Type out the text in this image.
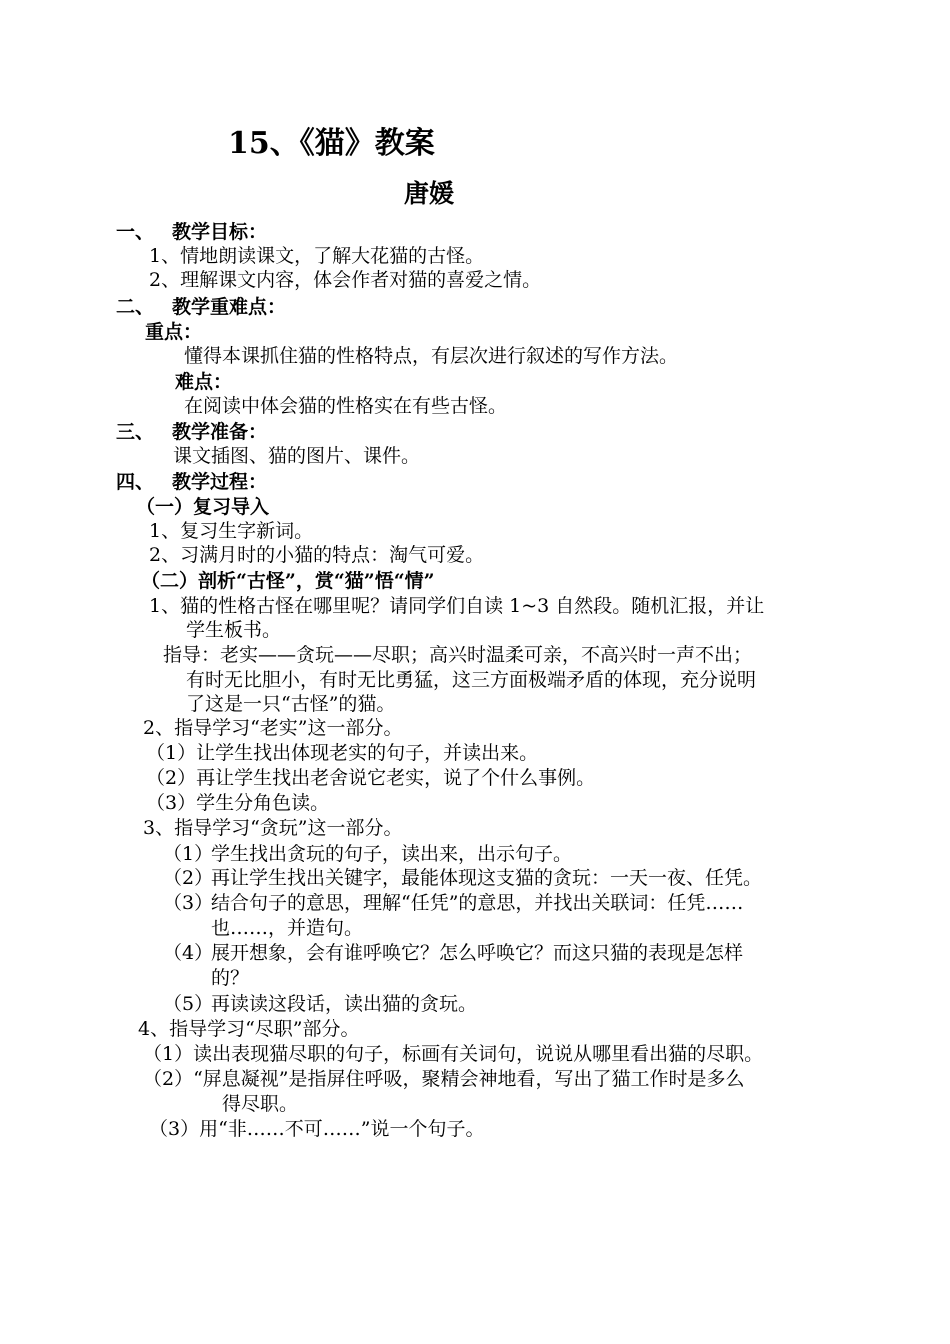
15、《猫》教案
唐媛
一、 教学目标：
1、情地朗读课文，了解大花猫的古怪。
2、理解课文内容，体会作者对猫的喜爱之情。
二、 教学重难点：
重点：
懂得本课抓住猫的性格特点，有层次进行叙述的写作方法。
难点：
在阅读中体会猫的性格实在有些古怪。
三、 教学准备：
课文插图、猫的图片、课件。
四、 教学过程：
（一）复习导入
1、复习生字新词。
2、习满月时的小猫的特点：淘气可爱。
（二）剖析“古怪”，赏“猫”悟“情”
1、猫的性格古怪在哪里呢？请同学们自读 1~3 自然段。随机汇报，并让
学生板书。
指导：老实——贪玩——尽职；高兴时温柔可亲，不高兴时一声不出；
有时无比胆小，有时无比勇猛，这三方面极端矛盾的体现，充分说明
了这是一只“古怪”的猫。
2、指导学习“老实”这一部分。
（1）让学生找出体现老实的句子，并读出来。
（2）再让学生找出老舍说它老实，说了个什么事例。
（3）学生分角色读。
3、指导学习“贪玩”这一部分。
（1）学生找出贪玩的句子，读出来，出示句子。
（2）再让学生找出关键字，最能体现这支猫的贪玩：一天一夜、任凭。
（3）结合句子的意思，理解“任凭”的意思，并找出关联词：任凭……
也……，并造句。
（4）展开想象，会有谁呼唤它？怎么呼唤它？而这只猫的表现是怎样
的？
（5）再读读这段话，读出猫的贪玩。
4、指导学习“尽职”部分。
（1）读出表现猫尽职的句子，标画有关词句，说说从哪里看出猫的尽职。
（2）“屏息凝视”是指屏住呼吸，聚精会神地看，写出了猫工作时是多么
得尽职。
（3）用“非……不可……”说一个句子。
